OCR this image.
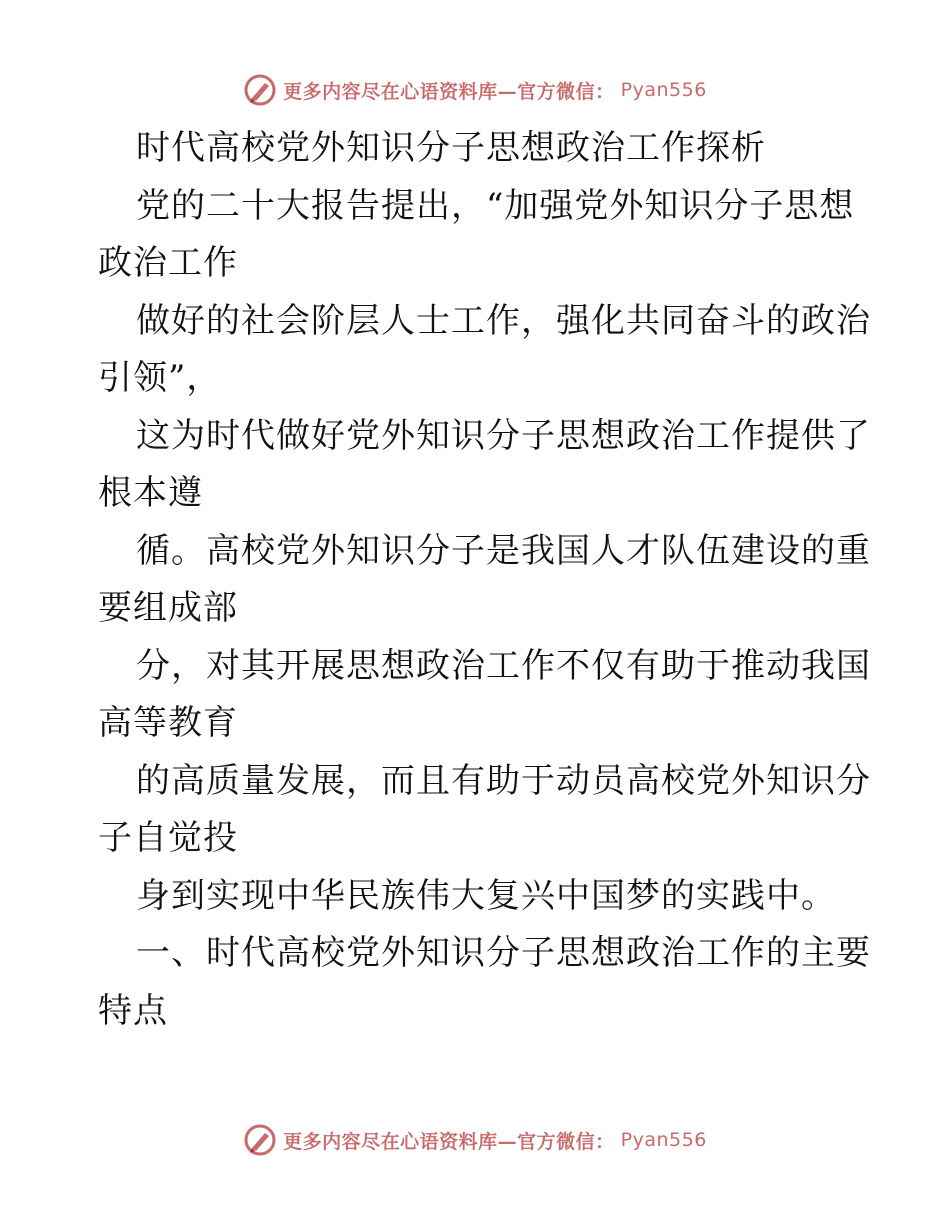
更多内容尽在心语资料库—官方微信： Pyan556
时代高校党外知识分子思想政治工作探析
党的二十大报告提出，“加强党外知识分子思想
政治工作
做好的社会阶层人士工作，强化共同奋斗的政治
引领”，
这为时代做好党外知识分子思想政治工作提供了
根本遵
循。高校党外知识分子是我国人才队伍建设的重
要组成部
分，对其开展思想政治工作不仅有助于推动我国
高等教育
的高质量发展，而且有助于动员高校党外知识分
子自觉投
身到实现中华民族伟大复兴中国梦的实践中。
一、时代高校党外知识分子思想政治工作的主要
特点
更多内容尽在心语资料库—官方微信： Pyan556
